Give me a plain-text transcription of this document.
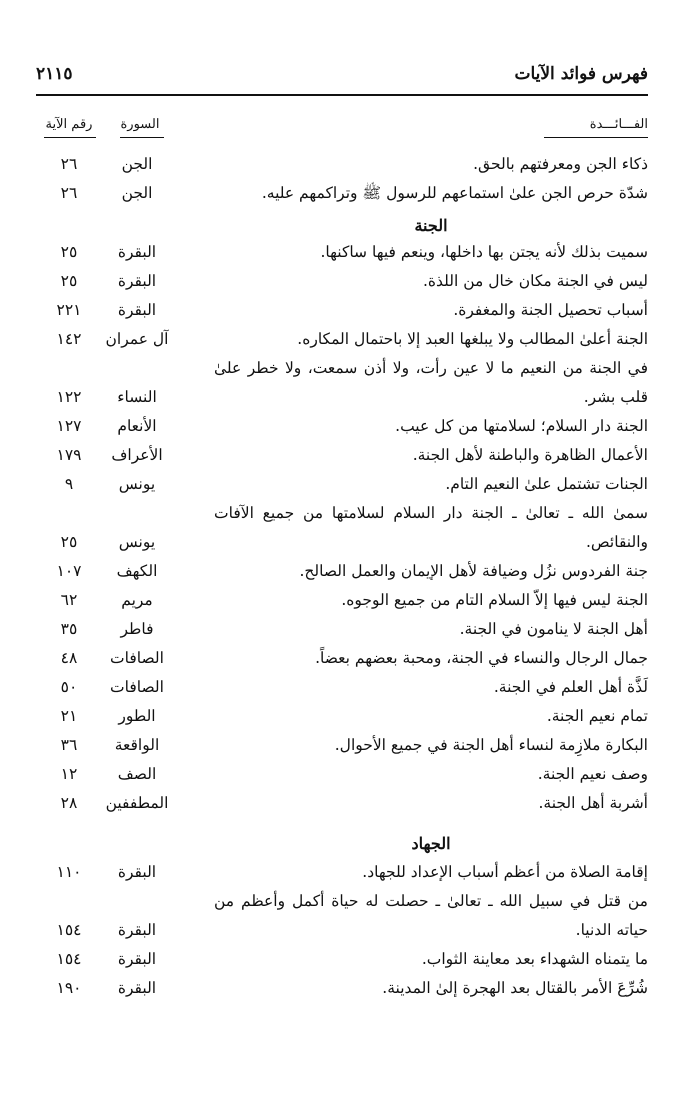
فهرس فوائد الآيات
٢١١٥
الفـــائـــدة
السورة
رقم الآية
ذكاء الجن ومعرفتهم بالحق.
الجن
٢٦
شدّة حرص الجن علىٰ استماعهم للرسول ﷺ وتراكمهم عليه.
الجن
٢٦
الجنة
سميت بذلك لأنه يجتن بها داخلها، وينعم فيها ساكنها.
البقرة
٢٥
ليس في الجنة مكان خال من اللذة.
البقرة
٢٥
أسباب تحصيل الجنة والمغفرة.
البقرة
٢٢١
الجنة أعلىٰ المطالب ولا يبلغها العبد إلا باحتمال المكاره.
آل عمران
١٤٢
في الجنة من النعيم ما لا عين رأت، ولا أذن سمعت، ولا خطر علىٰ قلب بشر.
النساء
١٢٢
الجنة دار السلام؛ لسلامتها من كل عيب.
الأنعام
١٢٧
الأعمال الظاهرة والباطنة لأهل الجنة.
الأعراف
١٧٩
الجنات تشتمل علىٰ النعيم التام.
يونس
٩
سمىٰ الله ـ تعالىٰ ـ الجنة دار السلام لسلامتها من جميع الآفات والنقائص.
يونس
٢٥
جنة الفردوس نزُل وضيافة لأهل الإيمان والعمل الصالح.
الكهف
١٠٧
الجنة ليس فيها إلاّ السلام التام من جميع الوجوه.
مريم
٦٢
أهل الجنة لا ينامون في الجنة.
فاطر
٣٥
جمال الرجال والنساء في الجنة، ومحبة بعضهم بعضاً.
الصافات
٤٨
لَذَّة أهل العلم في الجنة.
الصافات
٥٠
تمام نعيم الجنة.
الطور
٢١
البكارة ملازِمة لنساء أهل الجنة في جميع الأحوال.
الواقعة
٣٦
وصف نعيم الجنة.
الصف
١٢
أشربة أهل الجنة.
المطففين
٢٨
الجهاد
إقامة الصلاة من أعظم أسباب الإعداد للجهاد.
البقرة
١١٠
من قتل في سبيل الله ـ تعالىٰ ـ حصلت له حياة أكمل وأعظم من حياته الدنيا.
البقرة
١٥٤
ما يتمناه الشهداء بعد معاينة الثواب.
البقرة
١٥٤
شُرِّعَ الأمر بالقتال بعد الهجرة إلىٰ المدينة.
البقرة
١٩٠
